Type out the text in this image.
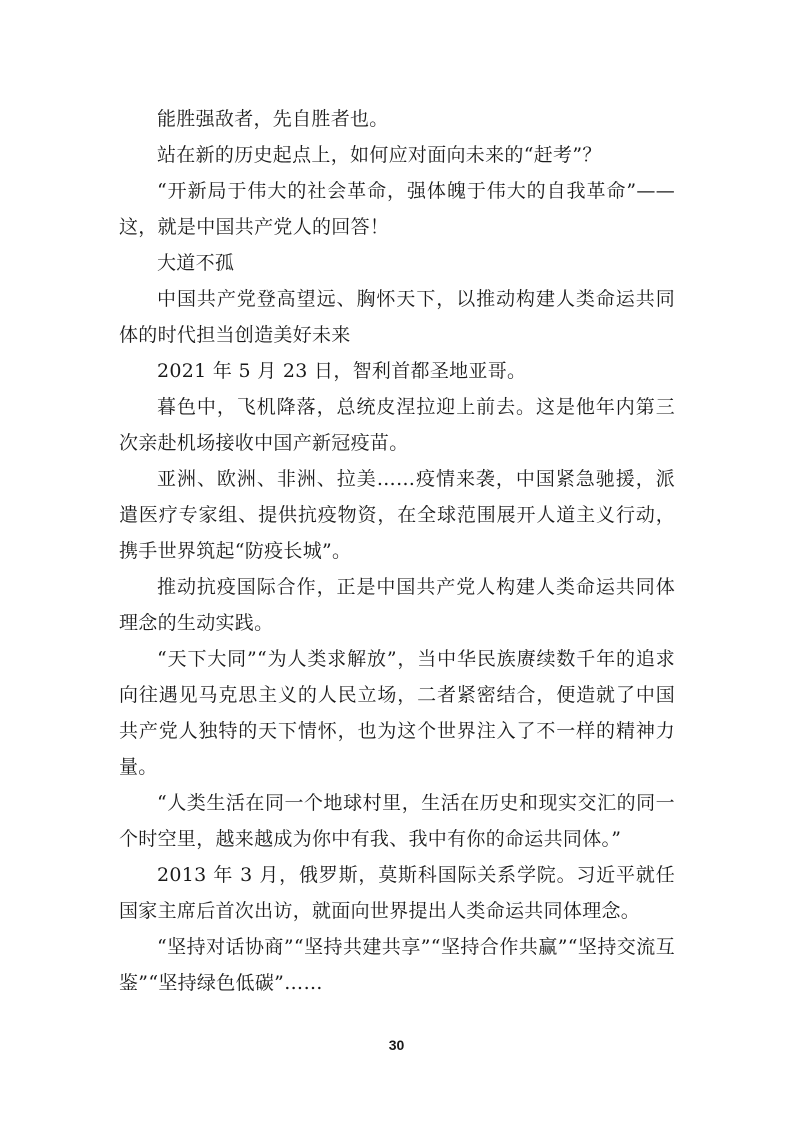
能胜强敌者，先自胜者也。

站在新的历史起点上，如何应对面向未来的“赶考”？

“开新局于伟大的社会革命，强体魄于伟大的自我革命”——这，就是中国共产党人的回答！

大道不孤

中国共产党登高望远、胸怀天下，以推动构建人类命运共同体的时代担当创造美好未来

2021 年 5 月 23 日，智利首都圣地亚哥。

暮色中，飞机降落，总统皮涅拉迎上前去。这是他年内第三次亲赴机场接收中国产新冠疫苗。

亚洲、欧洲、非洲、拉美……疫情来袭，中国紧急驰援，派遣医疗专家组、提供抗疫物资，在全球范围展开人道主义行动，携手世界筑起“防疫长城”。

推动抗疫国际合作，正是中国共产党人构建人类命运共同体理念的生动实践。

“天下大同”“为人类求解放”，当中华民族赓续数千年的追求向往遇见马克思主义的人民立场，二者紧密结合，便造就了中国共产党人独特的天下情怀，也为这个世界注入了不一样的精神力量。

“人类生活在同一个地球村里，生活在历史和现实交汇的同一个时空里，越来越成为你中有我、我中有你的命运共同体。”

2013 年 3 月，俄罗斯，莫斯科国际关系学院。习近平就任国家主席后首次出访，就面向世界提出人类命运共同体理念。

“坚持对话协商”“坚持共建共享”“坚持合作共赢”“坚持交流互鉴”“坚持绿色低碳”……

30
